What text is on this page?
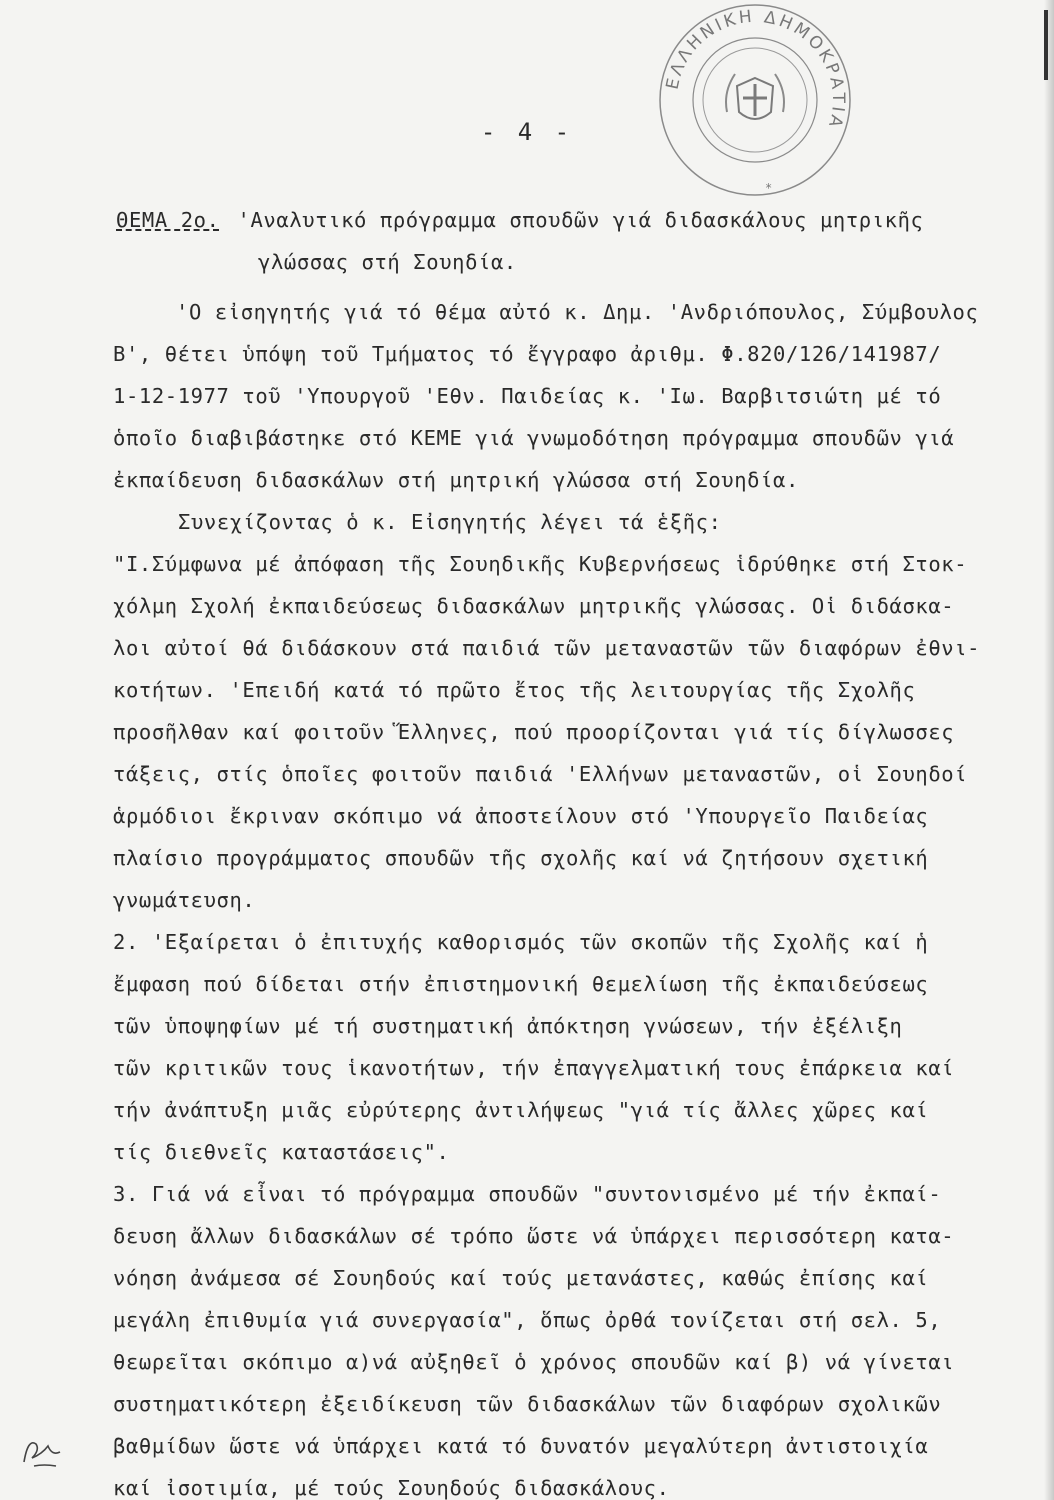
ΕΛΛΗΝΙΚΗ ΔΗΜΟΚΡΑΤΙΑ
*
- 4 -
ΘΕΜΑ 2ο. 'Αναλυτικό πρόγραμμα σπουδῶν γιά διδασκάλους μητρικῆς
γλώσσας στή Σουηδία.
'Ο εἰσηγητής γιά τό θέμα αὐτό κ. Δημ. 'Ανδριόπουλος, Σύμβουλος
Β', θέτει ὑπόψη τοῦ Τμήματος τό ἔγγραφο ἀριθμ. Φ.820/126/141987/
1-12-1977 τοῦ 'Υπουργοῦ 'Εθν. Παιδείας κ. 'Ιω. Βαρβιτσιώτη μέ τό
ὁποῖο διαβιβάστηκε στό ΚΕΜΕ γιά γνωμοδότηση πρόγραμμα σπουδῶν γιά
ἐκπαίδευση διδασκάλων στή μητρική γλώσσα στή Σουηδία.
Συνεχίζοντας ὁ κ. Εἰσηγητής λέγει τά ἑξῆς:
"Ι.Σύμφωνα μέ ἀπόφαση τῆς Σουηδικῆς Κυβερνήσεως ἱδρύθηκε στή Στοκ-
χόλμη Σχολή ἐκπαιδεύσεως διδασκάλων μητρικῆς γλώσσας. Οἱ διδάσκα-
λοι αὐτοί θά διδάσκουν στά παιδιά τῶν μεταναστῶν τῶν διαφόρων ἐθνι-
κοτήτων. 'Επειδή κατά τό πρῶτο ἔτος τῆς λειτουργίας τῆς Σχολῆς
προσῆλθαν καί φοιτοῦν Ἕλληνες, πού προορίζονται γιά τίς δίγλωσσες
τάξεις, στίς ὁποῖες φοιτοῦν παιδιά 'Ελλήνων μεταναστῶν, οἱ Σουηδοί
ἁρμόδιοι ἔκριναν σκόπιμο νά ἀποστείλουν στό 'Υπουργεῖο Παιδείας
πλαίσιο προγράμματος σπουδῶν τῆς σχολῆς καί νά ζητήσουν σχετική
γνωμάτευση.
2. 'Εξαίρεται ὁ ἐπιτυχής καθορισμός τῶν σκοπῶν τῆς Σχολῆς καί ἡ
ἔμφαση πού δίδεται στήν ἐπιστημονική θεμελίωση τῆς ἐκπαιδεύσεως
τῶν ὑποψηφίων μέ τή συστηματική ἀπόκτηση γνώσεων, τήν ἐξέλιξη
τῶν κριτικῶν τους ἱκανοτήτων, τήν ἐπαγγελματική τους ἐπάρκεια καί
τήν ἀνάπτυξη μιᾶς εὐρύτερης ἀντιλήψεως "γιά τίς ἄλλες χῶρες καί
τίς διεθνεῖς καταστάσεις".
3. Γιά νά εἶναι τό πρόγραμμα σπουδῶν "συντονισμένο μέ τήν ἐκπαί-
δευση ἄλλων διδασκάλων σέ τρόπο ὥστε νά ὑπάρχει περισσότερη κατα-
νόηση ἀνάμεσα σέ Σουηδούς καί τούς μετανάστες, καθώς ἐπίσης καί
μεγάλη ἐπιθυμία γιά συνεργασία", ὅπως ὀρθά τονίζεται στή σελ. 5,
θεωρεῖται σκόπιμο α)νά αὐξηθεῖ ὁ χρόνος σπουδῶν καί β) νά γίνεται
συστηματικότερη ἐξειδίκευση τῶν διδασκάλων τῶν διαφόρων σχολικῶν
βαθμίδων ὥστε νά ὑπάρχει κατά τό δυνατόν μεγαλύτερη ἀντιστοιχία
καί ἰσοτιμία, μέ τούς Σουηδούς διδασκάλους.
